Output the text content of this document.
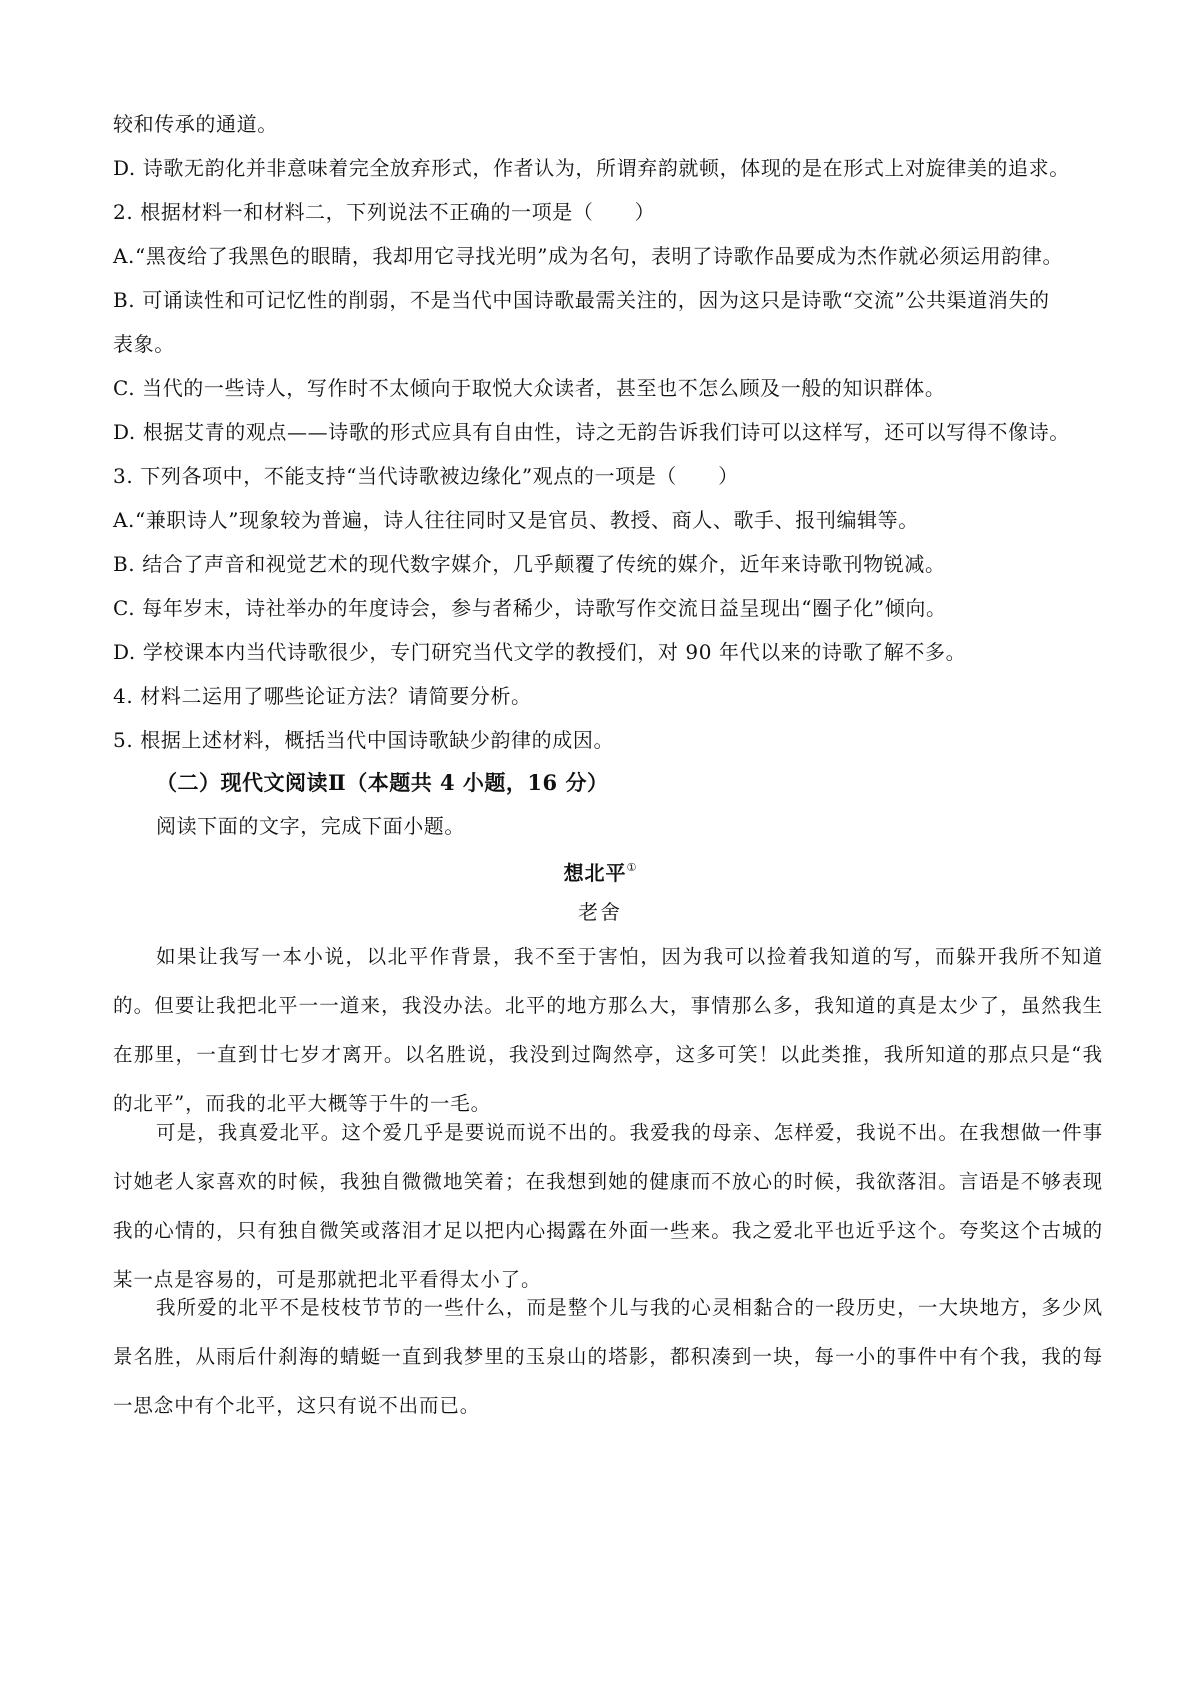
较和传承的通道。
D. 诗歌无韵化并非意味着完全放弃形式，作者认为，所谓弃韵就顿，体现的是在形式上对旋律美的追求。
2. 根据材料一和材料二，下列说法不正确的一项是（　　）
A.“黑夜给了我黑色的眼睛，我却用它寻找光明”成为名句，表明了诗歌作品要成为杰作就必须运用韵律。
B. 可诵读性和可记忆性的削弱，不是当代中国诗歌最需关注的，因为这只是诗歌“交流”公共渠道消失的
表象。
C. 当代的一些诗人，写作时不太倾向于取悦大众读者，甚至也不怎么顾及一般的知识群体。
D. 根据艾青的观点——诗歌的形式应具有自由性，诗之无韵告诉我们诗可以这样写，还可以写得不像诗。
3. 下列各项中，不能支持“当代诗歌被边缘化”观点的一项是（　　）
A.“兼职诗人”现象较为普遍，诗人往往同时又是官员、教授、商人、歌手、报刊编辑等。
B. 结合了声音和视觉艺术的现代数字媒介，几乎颠覆了传统的媒介，近年来诗歌刊物锐减。
C. 每年岁末，诗社举办的年度诗会，参与者稀少，诗歌写作交流日益呈现出“圈子化”倾向。
D. 学校课本内当代诗歌很少，专门研究当代文学的教授们，对 90 年代以来的诗歌了解不多。
4. 材料二运用了哪些论证方法？请简要分析。
5. 根据上述材料，概括当代中国诗歌缺少韵律的成因。
（二）现代文阅读Ⅱ（本题共 4 小题，16 分）
阅读下面的文字，完成下面小题。
想北平①
老舍

如果让我写一本小说，以北平作背景，我不至于害怕，因为我可以捡着我知道的写，而躲开我所不知道的。但要让我把北平一一道来，我没办法。北平的地方那么大，事情那么多，我知道的真是太少了，虽然我生在那里，一直到廿七岁才离开。以名胜说，我没到过陶然亭，这多可笑！以此类推，我所知道的那点只是“我的北平”，而我的北平大概等于牛的一毛。

可是，我真爱北平。这个爱几乎是要说而说不出的。我爱我的母亲、怎样爱，我说不出。在我想做一件事讨她老人家喜欢的时候，我独自微微地笑着；在我想到她的健康而不放心的时候，我欲落泪。言语是不够表现我的心情的，只有独自微笑或落泪才足以把内心揭露在外面一些来。我之爱北平也近乎这个。夸奖这个古城的某一点是容易的，可是那就把北平看得太小了。

我所爱的北平不是枝枝节节的一些什么，而是整个儿与我的心灵相黏合的一段历史，一大块地方，多少风景名胜，从雨后什刹海的蜻蜓一直到我梦里的玉泉山的塔影，都积凑到一块，每一小的事件中有个我，我的每一思念中有个北平，这只有说不出而已。
